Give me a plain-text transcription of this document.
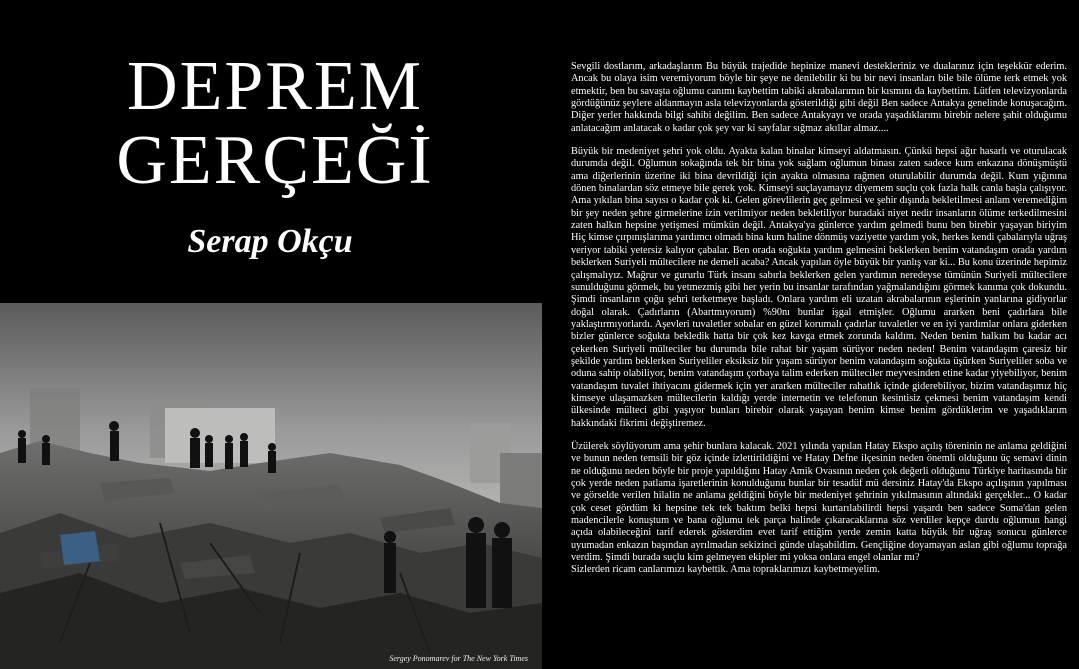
DEPREM
GERÇEĞİ
Serap Okçu
Sergey Ponomarev for The New York Times

Sevgili dostlarım, arkadaşlarım Bu büyük trajedide hepinize manevi destekleriniz ve dualarınız için teşekkür ederim. Ancak bu olaya isim veremiyorum böyle bir şeye ne denilebilir ki bu bir nevi insanları bile bile ölüme terk etmek yok etmektir, ben bu savaşta oğlumu canımı kaybettim tabiki akrabalarımın bir kısmını da kaybettim. Lütfen televizyonlarda gördüğünüz şeylere aldanmayın asla televizyonlarda gösterildiği gibi değil Ben sadece Antakya genelinde konuşacağım. Diğer yerler hakkında bilgi sahibi değilim. Ben sadece Antakyayı ve orada yaşadıklarımı birebir nelere şahit olduğumu anlatacağım anlatacak o kadar çok şey var ki sayfalar sığmaz akıllar almaz....

Büyük bir medeniyet şehri yok oldu. Ayakta kalan binalar kimseyi aldatmasın. Çünkü hepsi ağır hasarlı ve oturulacak durumda değil. Oğlumun sokağında tek bir bina yok sağlam oğlumun binası zaten sadece kum enkazına dönüşmüştü ama diğerlerinin üzerine iki bina devrildiği için ayakta olmasına rağmen oturulabilir durumda değil. Kum yığınına dönen binalardan söz etmeye bile gerek yok. Kimseyi suçlayamayız diyemem suçlu çok fazla halk canla başla çalışıyor. Ama yıkılan bina sayısı o kadar çok ki. Gelen görevlilerin geç gelmesi ve şehir dışında bekletilmesi anlam veremediğim bir şey neden şehre girmelerine izin verilmiyor neden bekletiliyor buradaki niyet nedir insanların ölüme terkedilmesini zaten halkın hepsine yetişmesi mümkün değil. Antakya'ya günlerce yardım gelmedi bunu ben birebir yaşayan biriyim Hiç kimse çırpınışlarıma yardımcı olmadı bina kum haline dönmüş vaziyette yardım yok, herkes kendi çabalarıyla uğraş veriyor tabiki yetersiz kalıyor çabalar. Ben orada soğukta yardım gelmesini beklerken benim vatandaşım orada yardım beklerken Suriyeli mültecilere ne demeli acaba? Ancak yapılan öyle büyük bir yanlış var ki... Bu konu üzerinde hepimiz çalışmalıyız. Mağrur ve gururlu Türk insanı sabırla beklerken gelen yardımın neredeyse tümünün Suriyeli mültecilere sunulduğunu görmek, bu yetmezmiş gibi her yerin bu insanlar tarafından yağmalandığını görmek kanıma çok dokundu. Şimdi insanların çoğu şehri terketmeye başladı. Onlara yardım eli uzatan akrabalarının eşlerinin yanlarına gidiyorlar doğal olarak. Çadırların (Abartmıyorum) %90nı bunlar işgal etmişler. Oğlumu ararken beni çadırlara bile yaklaştırmıyorlardı. Aşevleri tuvaletler sobalar en güzel korumalı çadırlar tuvaletler ve en iyi yardımlar onlara giderken bizler günlerce soğukta bekledik hatta bir çok kez kavga etmek zorunda kaldım. Neden benim halkım bu kadar acı çekerken Suriyeli mülteciler bu durumda bile rahat bir yaşam sürüyor neden neden! Benim vatandaşım çaresiz bir şekilde yardım beklerken Suriyeliler eksiksiz bir yaşam sürüyor benim vatandaşım soğukta üşürken Suriyeliler soba ve oduna sahip olabiliyor, benim vatandaşım çorbaya talim ederken mülteciler meyvesinden etine kadar yiyebiliyor, benim vatandaşım tuvalet ihtiyacını gidermek için yer ararken mülteciler rahatlık içinde giderebiliyor, bizim vatandaşımız hiç kimseye ulaşamazken mültecilerin kaldığı yerde internetin ve telefonun kesintisiz çekmesi benim vatandaşım kendi ülkesinde mülteci gibi yaşıyor bunları birebir olarak yaşayan benim kimse benim gördüklerim ve yaşadıklarım hakkındaki fikrimi değiştiremez.

Üzülerek söylüyorum ama şehir bunlara kalacak. 2021 yılında yapılan Hatay Ekspo açılış töreninin ne anlama geldiğini ve bunun neden temsili bir göz içinde izlettirildiğini ve Hatay Defne ilçesinin neden önemli olduğunu üç semavi dinin ne olduğunu neden böyle bir proje yapıldığını Hatay Amik Ovasının neden çok değerli olduğunu Türkiye haritasında bir çok yerde neden patlama işaretlerinin konulduğunu bunlar bir tesadüf mü dersiniz Hatay'da Ekspo açılışının yapılması ve görselde verilen hilalin ne anlama geldiğini böyle bir medeniyet şehrinin yıkılmasının altındaki gerçekler... O kadar çok ceset gördüm ki hepsine tek tek baktım belki hepsi kurtarılabilirdi hepsi yaşardı ben sadece Soma'dan gelen madencilerle konuştum ve bana oğlumu tek parça halinde çıkaracaklarına söz verdiler kepçe durdu oğlumun hangi açıda olabileceğini tarif ederek gösterdim evet tarif ettiğim yerde zemin katta büyük bir uğraş sonucu günlerce uyumadan enkazın başından ayrılmadan sekizinci günde ulaşabildim. Gençliğine doyamayan aslan gibi oğlumu toprağa verdim. Şimdi burada suçlu kim gelmeyen ekipler mi yoksa onlara engel olanlar mı?

Sizlerden ricam canlarımızı kaybettik. Ama topraklarımızı kaybetmeyelim.
